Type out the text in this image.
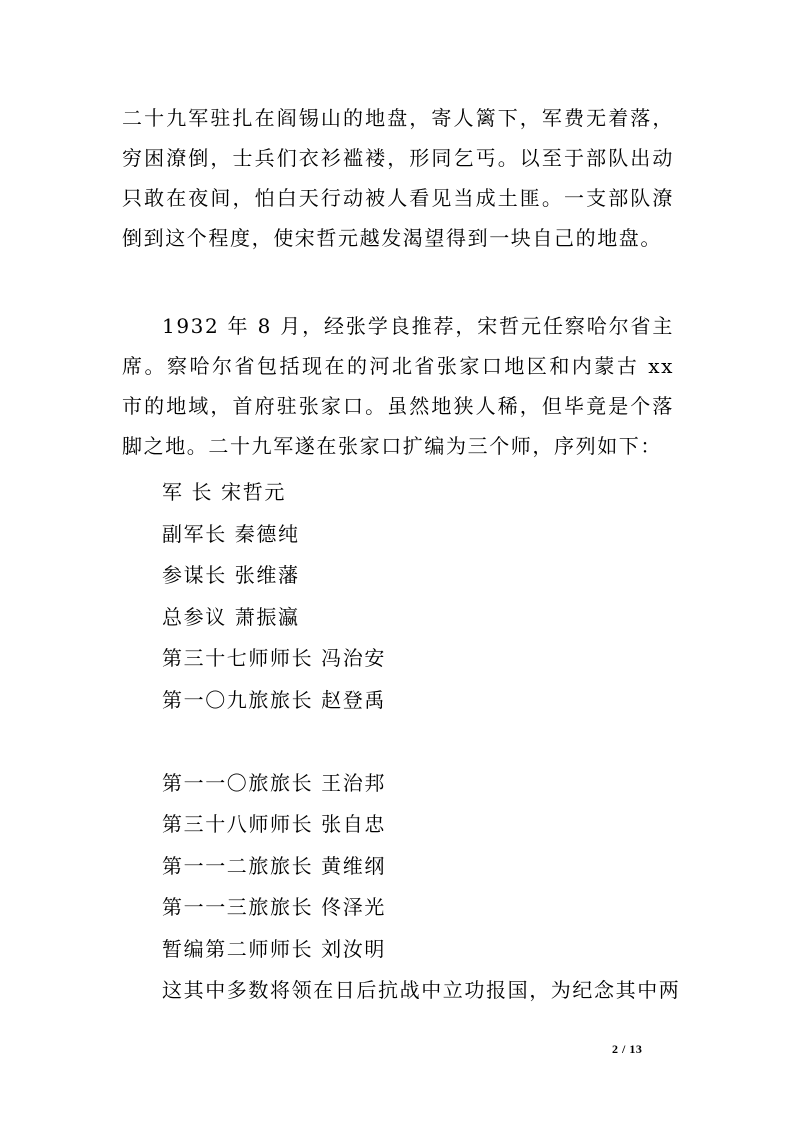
二十九军驻扎在阎锡山的地盘，寄人篱下，军费无着落，穷困潦倒，士兵们衣衫褴褛，形同乞丐。以至于部队出动只敢在夜间，怕白天行动被人看见当成土匪。一支部队潦倒到这个程度，使宋哲元越发渴望得到一块自己的地盘。

1932 年 8 月，经张学良推荐，宋哲元任察哈尔省主席。察哈尔省包括现在的河北省张家口地区和内蒙古 xx 市的地域，首府驻张家口。虽然地狭人稀，但毕竟是个落脚之地。二十九军遂在张家口扩编为三个师，序列如下：

军 长 宋哲元
副军长 秦德纯
参谋长 张维藩
总参议 萧振瀛
第三十七师师长 冯治安
第一〇九旅旅长 赵登禹
第一一〇旅旅长 王治邦
第三十八师师长 张自忠
第一一二旅旅长 黄维纲
第一一三旅旅长 佟泽光
暂编第二师师长 刘汝明

这其中多数将领在日后抗战中立功报国，为纪念其中两

2 / 13
